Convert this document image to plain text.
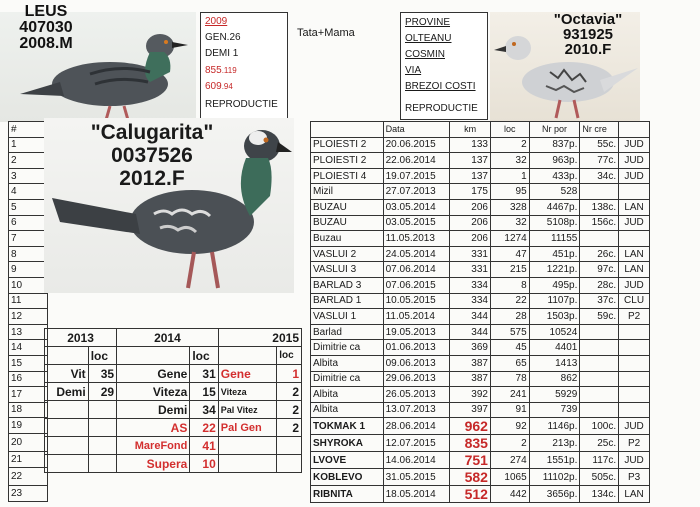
LEUS
407030
2008.M
2009
GEN.26
DEMI 1
855.119
609.94
REPRODUCTIE
Tata+Mama
PROVINE
OLTEANU
COSMIN
VIA
BREZOI COSTI
REPRODUCTIE
"Octavia"
931925
2010.F
#
1
2
3
4
5
6
7
8
9
10
11
12
13
14
15
16
17
18
19
20
21
22
23
"Calugarita"
0037526
2012.F
2013		2014		2015	
	loc		loc		loc
Vit	35	Gene	31	Gene	1
Demi	29	Viteza	15	Viteza	2
		Demi	34	Pal Vitez	2
		AS	22	Pal Gen	2
		MareFond	41		
		Supera	10		
	Data	km	loc	Nr por	Nr cre	
PLOIESTI 2	20.06.2015	133	2	837p.	55c.	JUD
PLOIESTI 2	22.06.2014	137	32	963p.	77c.	JUD
PLOIESTI 4	19.07.2015	137	1	433p.	34c.	JUD
Mizil	27.07.2013	175	95	528		
BUZAU	03.05.2014	206	328	4467p.	138c.	LAN
BUZAU	03.05.2015	206	32	5108p.	156c.	JUD
Buzau	11.05.2013	206	1274	11155		
VASLUI 2	24.05.2014	331	47	451p.	26c.	LAN
VASLUI 3	07.06.2014	331	215	1221p.	97c.	LAN
BARLAD 3	07.06.2015	334	8	495p.	28c.	JUD
BARLAD 1	10.05.2015	334	22	1107p.	37c.	CLU
VASLUI 1	11.05.2014	344	28	1503p.	59c.	P2
Barlad	19.05.2013	344	575	10524		
Dimitrie ca	01.06.2013	369	45	4401		
Albita	09.06.2013	387	65	1413		
Dimitrie ca	29.06.2013	387	78	862		
Albita	26.05.2013	392	241	5929		
Albita	13.07.2013	397	91	739		
TOKMAK 1	28.06.2014	962	92	1146p.	100c.	JUD
SHYROKA	12.07.2015	835	2	213p.	25c.	P2
LVOVE	14.06.2014	751	274	1551p.	117c.	JUD
KOBLEVO	31.05.2015	582	1065	11102p.	505c.	P3
RIBNITA	18.05.2014	512	442	3656p.	134c.	LAN
